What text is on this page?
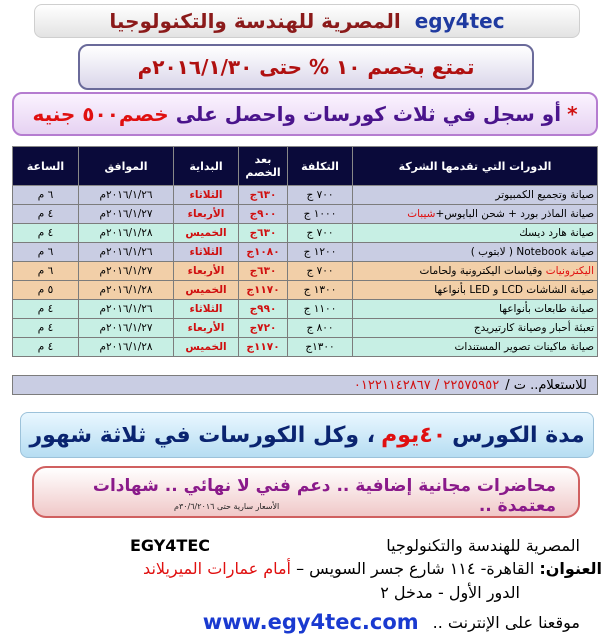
المصرية للهندسة والتكنولوجيا egy4tec
تمتع بخصم ١٠ % حتى ٢٠١٦/١/٣٠م
*
أو سجل في ثلاث كورسات واحصل على

خصم٥٠٠ جنيه
الدورات التي تقدمها الشركة	التكلفة	بعد الخصم	البداية	الموافق	الساعة
صيانة وتجميع الكمبيوتر	٧٠٠ ج	٦٣٠ج	الثلاثاء	٢٠١٦/١/٢٦م	٦ م
صيانة الماذر بورد + شحن البايوس+شيبات	١٠٠٠ ج	٩٠٠ج	الأربعاء	٢٠١٦/١/٢٧م	٤ م
صيانة هارد ديسك	٧٠٠ ج	٦٣٠ج	الخميس	٢٠١٦/١/٢٨م	٤ م
صيانة Notebook ( لابتوب )	١٢٠٠ ج	١٠٨٠ج	الثلاثاء	٢٠١٦/١/٢٦م	٦ م
اليكترونيات وقياسات اليكترونية ولحامات	٧٠٠ ج	٦٣٠ج	الأربعاء	٢٠١٦/١/٢٧م	٦ م
صيانة الشاشات LCD و LED بأنواعها	١٣٠٠ ج	١١٧٠ج	الخميس	٢٠١٦/١/٢٨م	٥ م
صيانة طابعات بأنواعها	١١٠٠ ج	٩٩٠ج	الثلاثاء	٢٠١٦/١/٢٦م	٤ م
تعبئة أحبار وصيانة كارتيريدج	٨٠٠ ج	٧٢٠ج	الأربعاء	٢٠١٦/١/٢٧م	٤ م
صيانة ماكينات تصوير المستندات	١٣٠٠ج	١١٧٠ج	الخميس	٢٠١٦/١/٢٨م	٤ م
للاستعلام.. ت /
٢٢٥٧٥٩٥٢ / ٠١٢٢١١٤٢٨٦٧
مدة الكورس
٤٠يوم
، وكل الكورسات في ثلاثة شهور
محاضرات مجانية إضافية .. دعم فني لا نهائي .. شهادات معتمدة ..
الأسعار سارية حتى ٣٠/٦/٢٠١٦م
المصرية للهندسة والتكنولوجيا
EGY4TEC
العنوان: القاهرة- ١١٤ شارع جسر السويس – أمام عمارات الميريلاند
الدور الأول - مدخل ٢
موقعنا على الإنترنت ..
www.egy4tec.com
